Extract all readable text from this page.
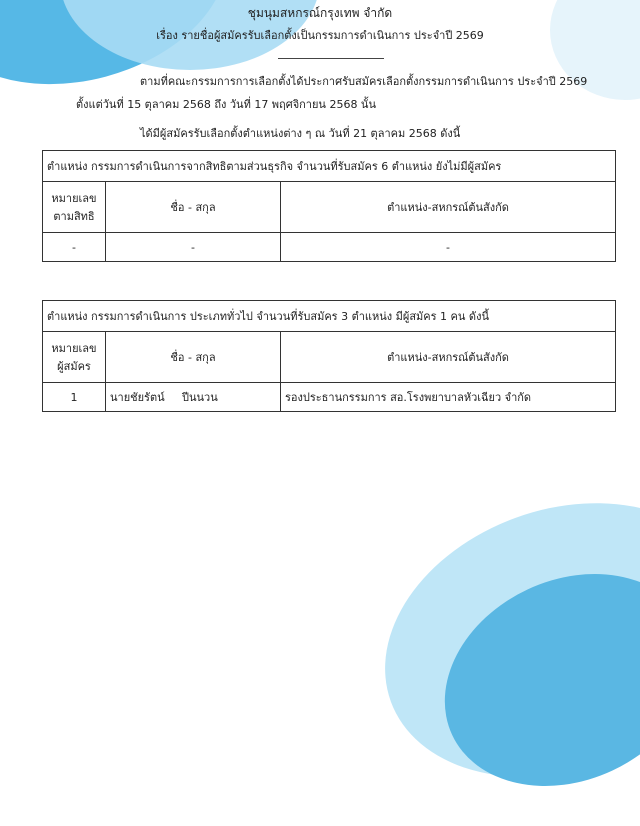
ชุมนุมสหกรณ์กรุงเทพ จำกัด
เรื่อง รายชื่อผู้สมัครรับเลือกตั้งเป็นกรรมการดำเนินการ ประจำปี 2569
ตามที่คณะกรรมการการเลือกตั้งได้ประกาศรับสมัครเลือกตั้งกรรมการดำเนินการ ประจำปี 2569
ตั้งแต่วันที่ 15 ตุลาคม 2568 ถึง วันที่ 17 พฤศจิกายน 2568 นั้น
ได้มีผู้สมัครรับเลือกตั้งตำแหน่งต่าง ๆ ณ วันที่ 21 ตุลาคม 2568 ดังนี้
ตำแหน่ง กรรมการดำเนินการจากสิทธิตามส่วนธุรกิจ จำนวนที่รับสมัคร 6 ตำแหน่ง ยังไม่มีผู้สมัคร		
หมายเลข
ตามสิทธิ	ชื่อ - สกุล	ตำแหน่ง-สหกรณ์ต้นสังกัด
-	-	-
ตำแหน่ง กรรมการดำเนินการ ประเภททั่วไป จำนวนที่รับสมัคร 3 ตำแหน่ง มีผู้สมัคร 1 คน ดังนี้		
หมายเลข
ผู้สมัคร	ชื่อ - สกุล	ตำแหน่ง-สหกรณ์ต้นสังกัด
1	นายชัยรัตน์ ปีนนวน	รองประธานกรรมการ สอ.โรงพยาบาลหัวเฉียว จำกัด
